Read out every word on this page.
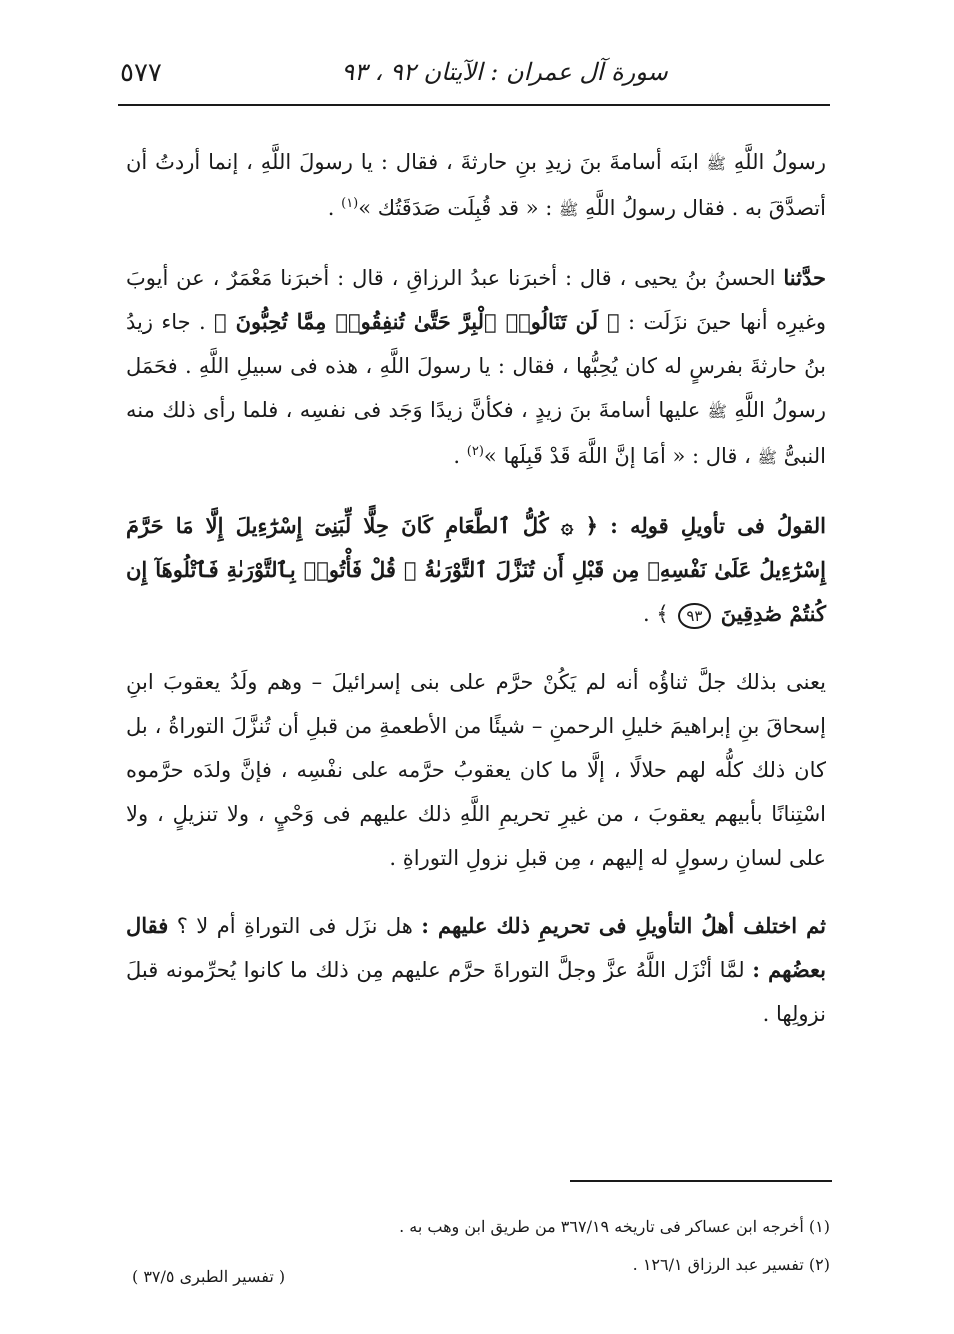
سورة آل عمران : الآيتان ٩٢ ، ٩٣
٥٧٧

رسولُ اللَّهِ ﷺ ابنَه أسامةَ بنَ زيدِ بنِ حارثةَ ، فقال : يا رسولَ اللَّهِ ، إنما أردتُ أن أتصدَّقَ به . فقال رسولُ اللَّهِ ﷺ : « قد قُبِلَت صَدَقَتُك »$^{(١)}$ .

حدَّثنا الحسنُ بنُ يحيى ، قال : أخبرَنا عبدُ الرزاقِ ، قال : أخبرَنا مَعْمَرٌ ، عن أيوبَ وغيرِه أنها حينَ نزَلَت : ﴿ لَن تَنَالُوا۟ ٱلْبِرَّ حَتَّىٰ تُنفِقُوا۟ مِمَّا تُحِبُّونَ ﴾ . جاء زيدُ بنُ حارثةَ بفرسٍ له كان يُحِبُّها ، فقال : يا رسولَ اللَّهِ ، هذه فى سبيلِ اللَّهِ . فحَمَل رسولُ اللَّهِ ﷺ عليها أسامةَ بنَ زيدٍ ، فكأنَّ زيدًا وَجَد فى نفسِه ، فلما رأى ذلك منه النبىُّ ﷺ ، قال : « أمَا إنَّ اللَّهَ قَدْ قَبِلَها »$^{(٢)}$ .

القولُ فى تأويلِ قولِه : ﴿ ۞ كُلُّ ٱلطَّعَامِ كَانَ حِلًّا لِّبَنِىٓ إِسْرَٰٓءِيلَ إِلَّا مَا حَرَّمَ إِسْرَٰٓءِيلُ عَلَىٰ نَفْسِهِۦ مِن قَبْلِ أَن تُنَزَّلَ ٱلتَّوْرَىٰةُ ۗ قُلْ فَأْتُوا۟ بِٱلتَّوْرَىٰةِ فَٱتْلُوهَآ إِن كُنتُمْ صَٰدِقِينَ ٩٣ ﴾ .

يعنى بذلك جلَّ ثناؤُه أنه لم يَكُنْ حرَّم على بنى إسرائيلَ – وهم ولَدُ يعقوبَ ابنِ إسحاقَ بنِ إبراهيمَ خليلِ الرحمنِ – شيئًا من الأطعمةِ من قبلِ أن تُنزَّلَ التوراةُ ، بل كان ذلك كلُّه لهم حلالًا ، إلَّا ما كان يعقوبُ حرَّمه على نفْسِه ، فإنَّ ولدَه حرَّموه اسْتِنانًا بأبيهم يعقوبَ ، من غيرِ تحريمِ اللَّهِ ذلك عليهم فى وَحْيٍ ، ولا تنزيلٍ ، ولا على لسانِ رسولٍ له إليهم ، مِن قبلِ نزولِ التوراةِ .

ثم اختلف أهلُ التأويلِ فى تحريمِ ذلك عليهم : هل نزَل فى التوراةِ أم لا ؟ فقال بعضُهم : لمَّا أنْزَل اللَّهُ عزَّ وجلَّ التوراةَ حرَّم عليهم مِن ذلك ما كانوا يُحرِّمونه قبلَ نزولِها .

(١) أخرجه ابن عساكر فى تاريخه ٣٦٧/١٩ من طريق ابن وهب به .
(٢) تفسير عبد الرزاق ١٢٦/١ .
( تفسير الطبرى ٣٧/٥ )
